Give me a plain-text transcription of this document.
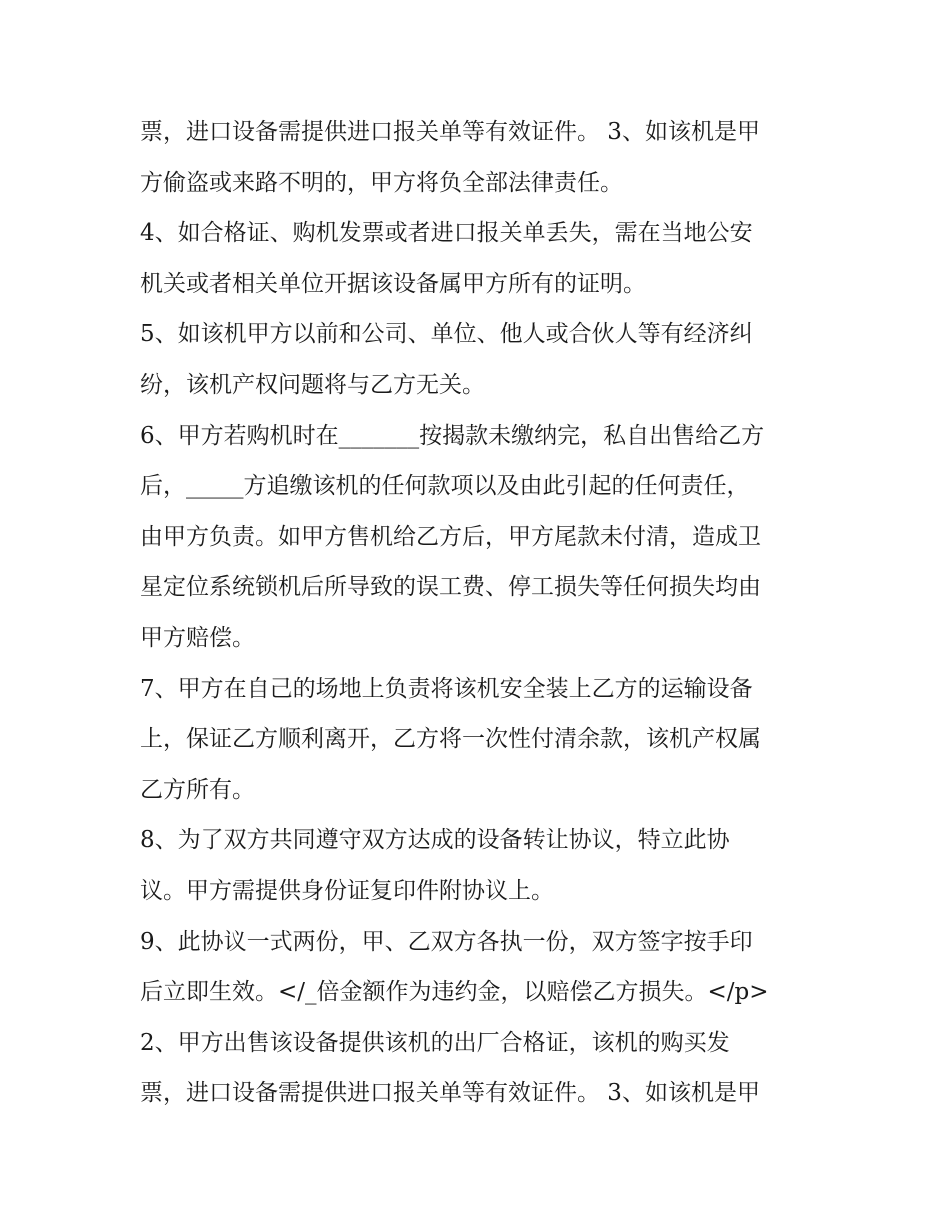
票，进口设备需提供进口报关单等有效证件。 3、如该机是甲
方偷盗或来路不明的，甲方将负全部法律责任。
4、如合格证、购机发票或者进口报关单丢失，需在当地公安
机关或者相关单位开据该设备属甲方所有的证明。
5、如该机甲方以前和公司、单位、他人或合伙人等有经济纠
纷，该机产权问题将与乙方无关。
6、甲方若购机时在_______按揭款未缴纳完，私自出售给乙方
后，_____方追缴该机的任何款项以及由此引起的任何责任，
由甲方负责。如甲方售机给乙方后，甲方尾款未付清，造成卫
星定位系统锁机后所导致的误工费、停工损失等任何损失均由
甲方赔偿。
7、甲方在自己的场地上负责将该机安全装上乙方的运输设备
上，保证乙方顺利离开，乙方将一次性付清余款，该机产权属
乙方所有。
8、为了双方共同遵守双方达成的设备转让协议，特立此协
议。甲方需提供身份证复印件附协议上。
9、此协议一式两份，甲、乙双方各执一份，双方签字按手印
后立即生效。</_倍金额作为违约金，以赔偿乙方损失。</p>
2、甲方出售该设备提供该机的出厂合格证，该机的购买发
票，进口设备需提供进口报关单等有效证件。 3、如该机是甲
